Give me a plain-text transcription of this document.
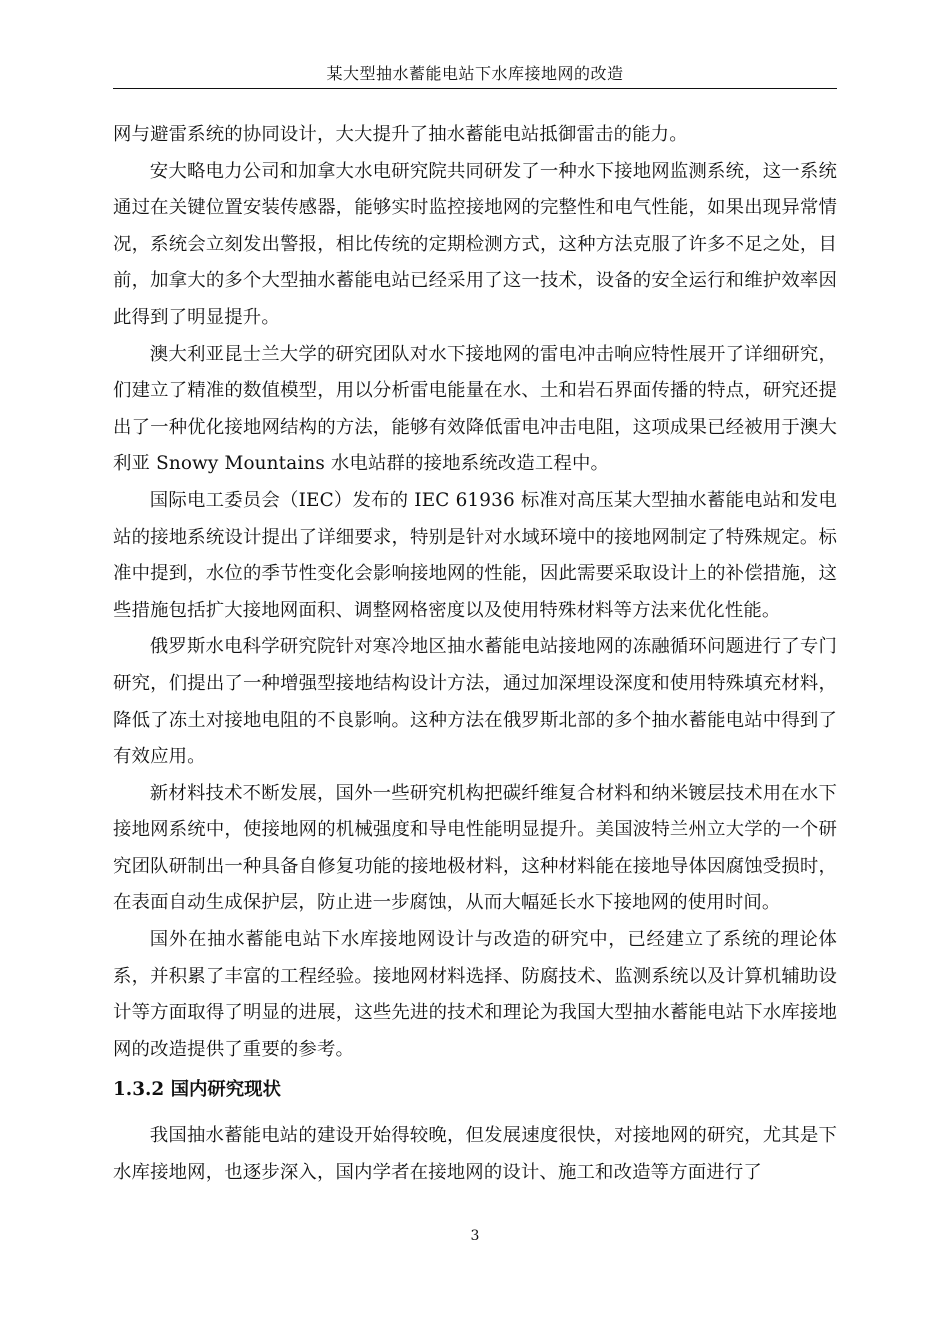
某大型抽水蓄能电站下水库接地网的改造

网与避雷系统的协同设计，大大提升了抽水蓄能电站抵御雷击的能力。

安大略电力公司和加拿大水电研究院共同研发了一种水下接地网监测系统，这一系统通过在关键位置安装传感器，能够实时监控接地网的完整性和电气性能，如果出现异常情况，系统会立刻发出警报，相比传统的定期检测方式，这种方法克服了许多不足之处，目前，加拿大的多个大型抽水蓄能电站已经采用了这一技术，设备的安全运行和维护效率因此得到了明显提升。

澳大利亚昆士兰大学的研究团队对水下接地网的雷电冲击响应特性展开了详细研究，们建立了精准的数值模型，用以分析雷电能量在水、土和岩石界面传播的特点，研究还提出了一种优化接地网结构的方法，能够有效降低雷电冲击电阻，这项成果已经被用于澳大利亚 Snowy Mountains 水电站群的接地系统改造工程中。

国际电工委员会（IEC）发布的 IEC 61936 标准对高压某大型抽水蓄能电站和发电站的接地系统设计提出了详细要求，特别是针对水域环境中的接地网制定了特殊规定。标准中提到，水位的季节性变化会影响接地网的性能，因此需要采取设计上的补偿措施，这些措施包括扩大接地网面积、调整网格密度以及使用特殊材料等方法来优化性能。

俄罗斯水电科学研究院针对寒冷地区抽水蓄能电站接地网的冻融循环问题进行了专门研究，们提出了一种增强型接地结构设计方法，通过加深埋设深度和使用特殊填充材料，降低了冻土对接地电阻的不良影响。这种方法在俄罗斯北部的多个抽水蓄能电站中得到了有效应用。

新材料技术不断发展，国外一些研究机构把碳纤维复合材料和纳米镀层技术用在水下接地网系统中，使接地网的机械强度和导电性能明显提升。美国波特兰州立大学的一个研究团队研制出一种具备自修复功能的接地极材料，这种材料能在接地导体因腐蚀受损时，在表面自动生成保护层，防止进一步腐蚀，从而大幅延长水下接地网的使用时间。

国外在抽水蓄能电站下水库接地网设计与改造的研究中，已经建立了系统的理论体系，并积累了丰富的工程经验。接地网材料选择、防腐技术、监测系统以及计算机辅助设计等方面取得了明显的进展，这些先进的技术和理论为我国大型抽水蓄能电站下水库接地网的改造提供了重要的参考。

1.3.2 国内研究现状

我国抽水蓄能电站的建设开始得较晚，但发展速度很快，对接地网的研究，尤其是下水库接地网，也逐步深入，国内学者在接地网的设计、施工和改造等方面进行了

3
